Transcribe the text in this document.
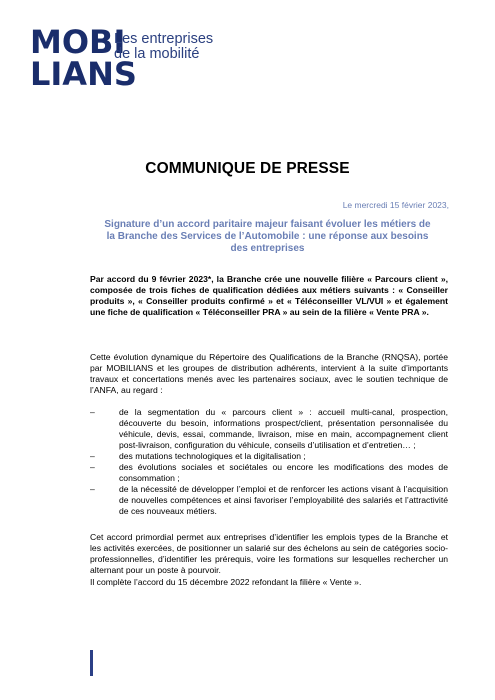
MOBI
LIANS
Les entreprises
de la mobilité
COMMUNIQUE DE PRESSE
Le mercredi 15 février 2023,
Signature d’un accord paritaire majeur faisant évoluer les métiers de la Branche des Services de l’Automobile : une réponse aux besoins des entreprises
Par accord du 9 février 2023*, la Branche crée une nouvelle filière « Parcours client », composée de trois fiches de qualification dédiées aux métiers suivants : « Conseiller produits », « Conseiller produits confirmé » et « Téléconseiller VL/VUI » et également une fiche de qualification « Téléconseiller PRA » au sein de la filière « Vente PRA ».
Cette évolution dynamique du Répertoire des Qualifications de la Branche (RNQSA), portée par MOBILIANS et les groupes de distribution adhérents, intervient à la suite d’importants travaux et concertations menés avec les partenaires sociaux, avec le soutien technique de l’ANFA, au regard :
–	de la segmentation du « parcours client » : accueil multi-canal, prospection, découverte du besoin, informations prospect/client, présentation personnalisée du véhicule, devis, essai, commande, livraison, mise en main, accompagnement client post-livraison, configuration du véhicule, conseils d’utilisation et d’entretien… ;
–	des mutations technologiques et la digitalisation ;
–	des évolutions sociales et sociétales ou encore les modifications des modes de consommation ;
–	de la nécessité de développer l’emploi et de renforcer les actions visant à l’acquisition de nouvelles compétences et ainsi favoriser l’employabilité des salariés et l’attractivité de ces nouveaux métiers.
Cet accord primordial permet aux entreprises d’identifier les emplois types de la Branche et les activités exercées, de positionner un salarié sur des échelons au sein de catégories socio-professionnelles, d’identifier les prérequis, voire les formations sur lesquelles rechercher un alternant pour un poste à pourvoir.
Il complète l’accord du 15 décembre 2022 refondant la filière « Vente ».
